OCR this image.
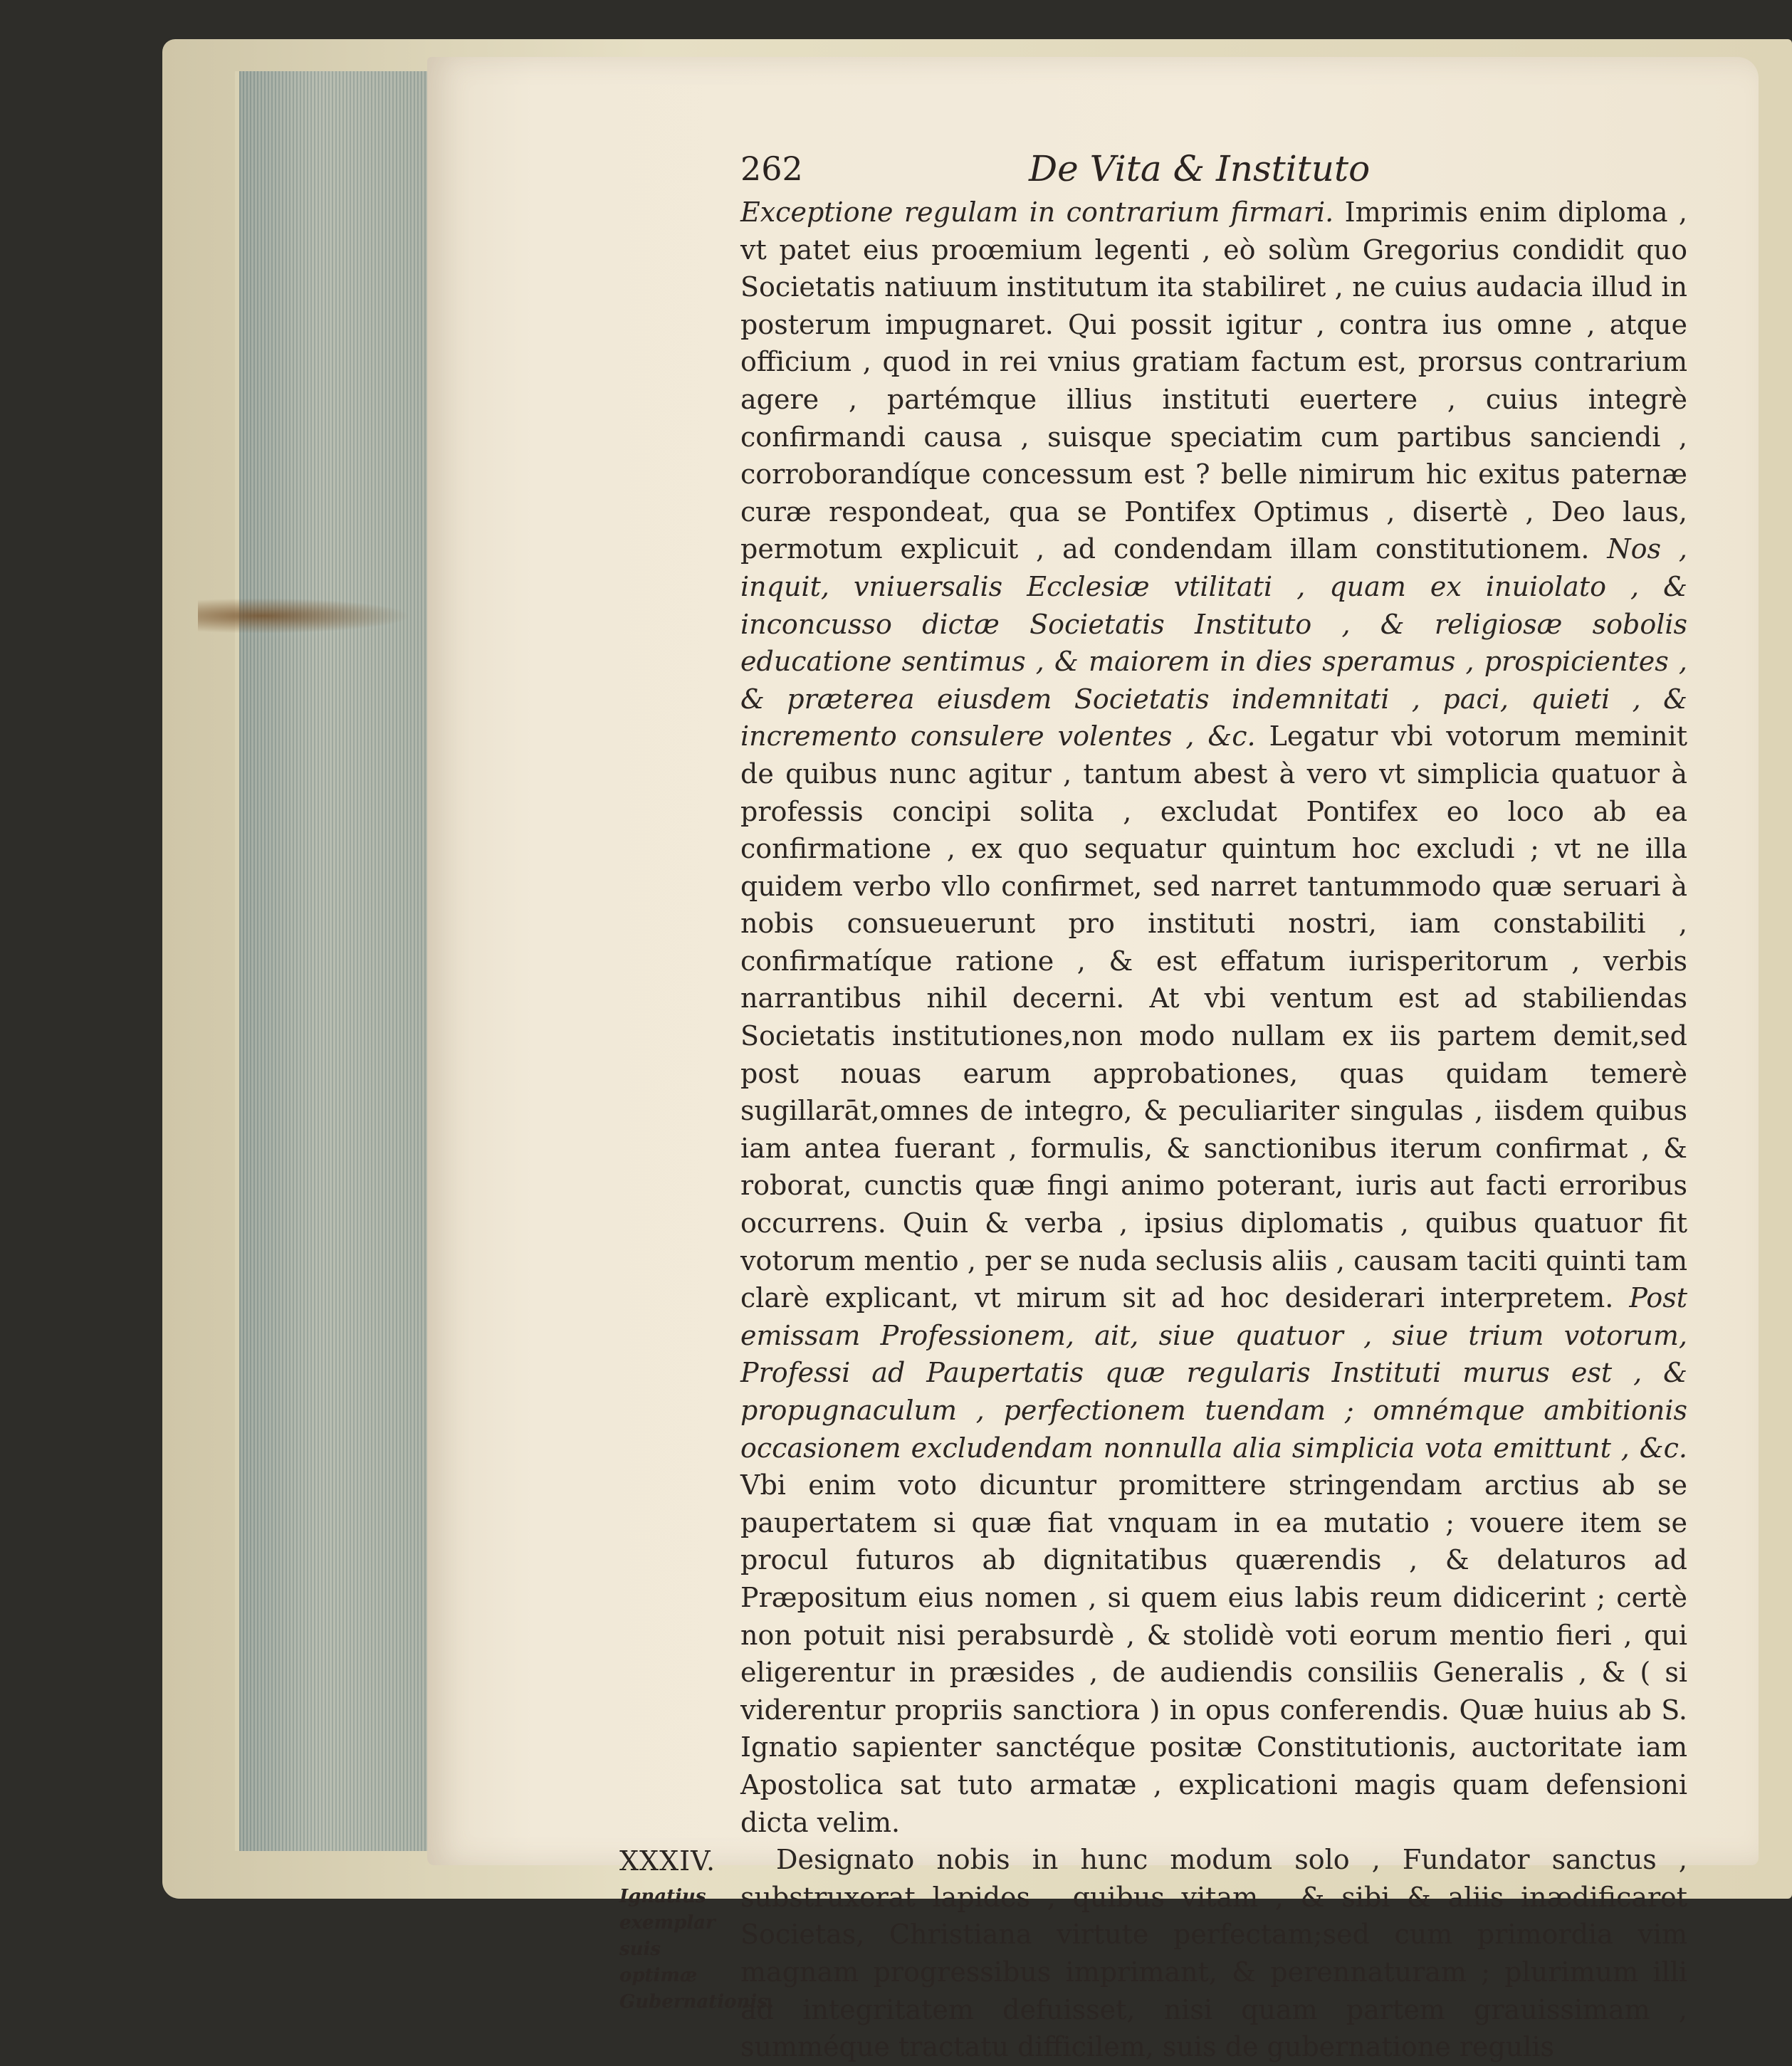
262	De Vita & Instituto

Exceptione regulam in contrarium firmari. Imprimis enim diploma , vt patet eius proœmium legenti , eò solùm Gregorius condidit quo Societatis natiuum institutum ita stabiliret , ne cuius audacia illud in posterum impugnaret. Qui possit igitur , contra ius omne , atque officium , quod in rei vnius gratiam factum est, prorsus contrarium agere , partémque illius instituti euertere , cuius integrè confirmandi causa , suisque speciatim cum partibus sanciendi , corroborandíque concessum est ? belle nimirum hic exitus paternæ curæ respondeat, qua se Pontifex Optimus , disertè , Deo laus, permotum explicuit , ad condendam illam constitutionem. Nos , inquit, vniuersalis Ecclesiæ vtilitati , quam ex inuiolato , & inconcusso dictæ Societatis Instituto , & religiosæ sobolis educatione sentimus , & maiorem in dies speramus , prospicientes , & præterea eiusdem Societatis indemnitati , paci, quieti , & incremento consulere volentes , &c. Legatur vbi votorum meminit de quibus nunc agitur , tantum abest à vero vt simplicia quatuor à professis concipi solita , excludat Pontifex eo loco ab ea confirmatione , ex quo sequatur quintum hoc excludi ; vt ne illa quidem verbo vllo confirmet, sed narret tantummodo quæ seruari à nobis consueuerunt pro instituti nostri, iam constabiliti , confirmatíque ratione , & est effatum iurisperitorum , verbis narrantibus nihil decerni. At vbi ventum est ad stabiliendas Societatis institutiones,non modo nullam ex iis partem demit,sed post nouas earum approbationes, quas quidam temerè sugillarāt,omnes de integro, & peculiariter singulas , iisdem quibus iam antea fuerant , formulis, & sanctionibus iterum confirmat , & roborat, cunctis quæ fingi animo poterant, iuris aut facti erroribus occurrens. Quin & verba , ipsius diplomatis , quibus quatuor fit votorum mentio , per se nuda seclusis aliis , causam taciti quinti tam clarè explicant, vt mirum sit ad hoc desiderari interpretem. Post emissam Professionem, ait, siue quatuor , siue trium votorum, Professi ad Paupertatis quæ regularis Instituti murus est , & propugnaculum , perfectionem tuendam ; omnémque ambitionis occasionem excludendam nonnulla alia simplicia vota emittunt , &c. Vbi enim voto dicuntur promittere stringendam arctius ab se paupertatem si quæ fiat vnquam in ea mutatio ; vouere item se procul futuros ab dignitatibus quærendis , & delaturos ad Præpositum eius nomen , si quem eius labis reum didicerint ; certè non potuit nisi perabsurdè , & stolidè voti eorum mentio fieri , qui eligerentur in præsides , de audiendis consiliis Generalis , & ( si viderentur propriis sanctiora ) in opus conferendis. Quæ huius ab S. Ignatio sapienter sanctéque positæ Constitutionis, auctoritate iam Apostolica sat tuto armatæ , explicationi magis quam defensioni dicta velim.

Designato nobis in hunc modum solo , Fundator sanctus , substruxerat lapides , quibus vitam , & sibi & aliis inædificaret Societas, Christiana virtute perfectam;sed cum primordia vim magnam progressibus imprimant, & perennaturam ; plurimum illi ad integritatem defuisset, nisi quam partem grauissimam , summéque tractatu difficilem, suis de gubernatione regulis

XXXIV.
Ignatius exemplar suis optimæ Gubernationis.
